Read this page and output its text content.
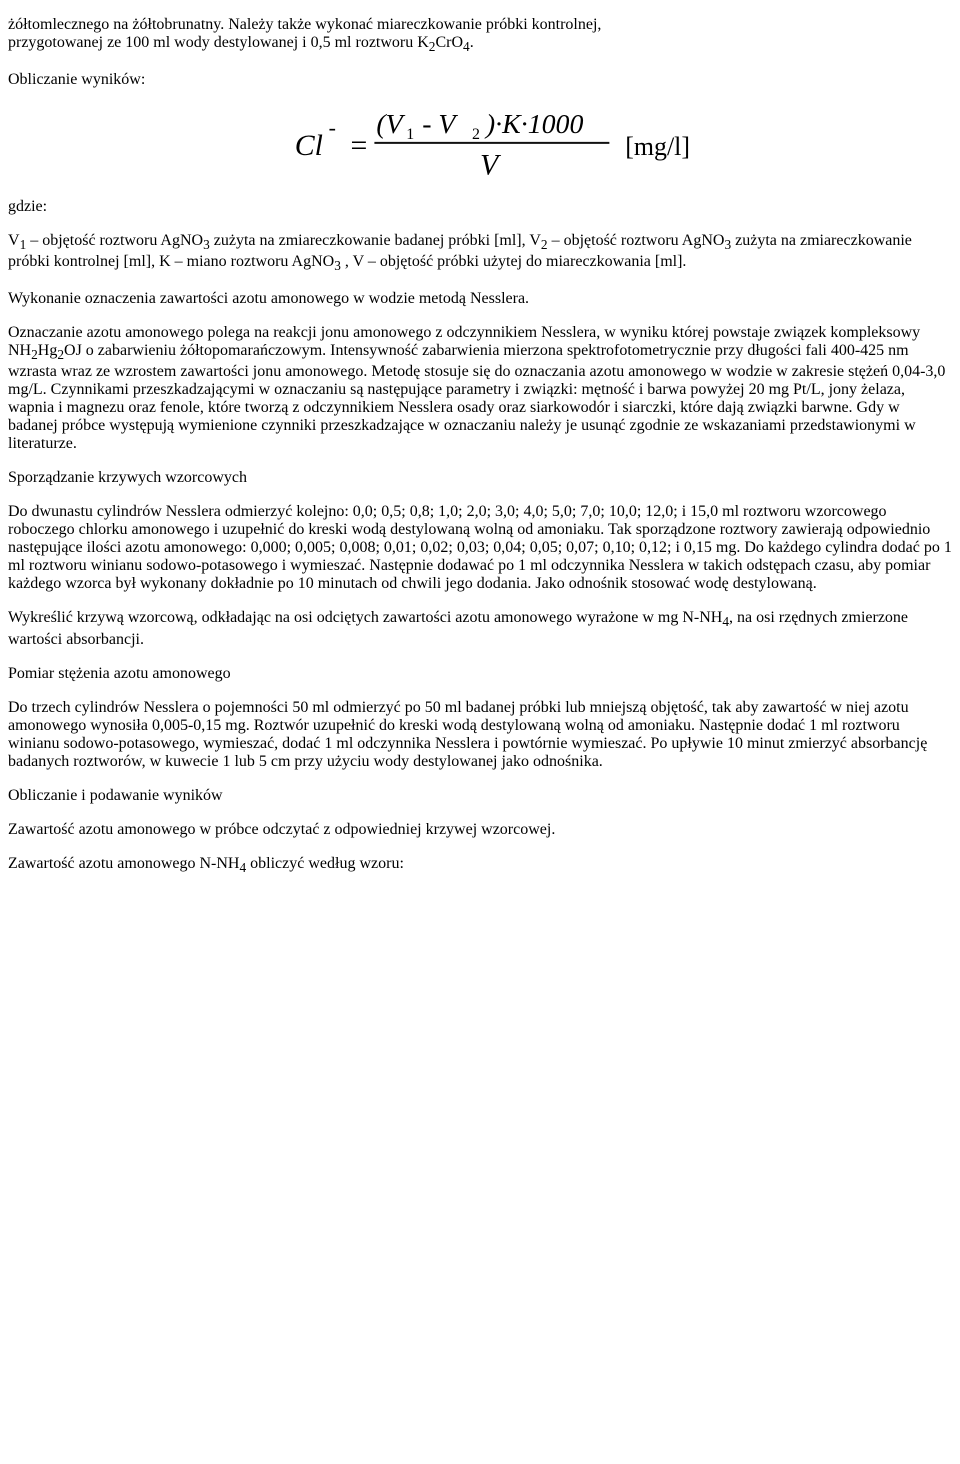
żółtomlecznego na żółtobrunatny. Należy także wykonać miareczkowanie próbki kontrolnej,
przygotowanej ze 100 ml wody destylowanej i 0,5 ml roztworu $K_2CrO_4$.

Obliczanie wyników:

Cl
-
=
(V 1 - V 2 )·K·1000
V
[mg/l]

gdzie:

$V_1$ – objętość roztworu AgNO$_3$ zużyta na zmiareczkowanie badanej próbki [ml], $V_2$ – objętość roztworu AgNO$_3$ zużyta na zmiareczkowanie próbki kontrolnej [ml], K – miano roztworu AgNO$_3$ , V – objętość próbki użytej do miareczkowania [ml].

Wykonanie oznaczenia zawartości azotu amonowego w wodzie metodą Nesslera.

Oznaczanie azotu amonowego polega na reakcji jonu amonowego z odczynnikiem Nesslera, w wyniku której powstaje związek kompleksowy $NH_2Hg_2OJ$ o zabarwieniu żółtopomarańczowym. Intensywność zabarwienia mierzona spektrofotometrycznie przy długości fali 400-425 nm wzrasta wraz ze wzrostem zawartości jonu amonowego. Metodę stosuje się do oznaczania azotu amonowego w wodzie w zakresie stężeń 0,04-3,0 mg/L. Czynnikami przeszkadzającymi w oznaczaniu są następujące parametry i związki: mętność i barwa powyżej 20 mg Pt/L, jony żelaza, wapnia i magnezu oraz fenole, które tworzą z odczynnikiem Nesslera osady oraz siarkowodór i siarczki, które dają związki barwne. Gdy w badanej próbce występują wymienione czynniki przeszkadzające w oznaczaniu należy je usunąć zgodnie ze wskazaniami przedstawionymi w literaturze.

Sporządzanie krzywych wzorcowych

Do dwunastu cylindrów Nesslera odmierzyć kolejno: 0,0; 0,5; 0,8; 1,0; 2,0; 3,0; 4,0; 5,0; 7,0; 10,0; 12,0; i 15,0 ml roztworu wzorcowego roboczego chlorku amonowego i uzupełnić do kreski wodą destylowaną wolną od amoniaku. Tak sporządzone roztwory zawierają odpowiednio następujące ilości azotu amonowego: 0,000; 0,005; 0,008; 0,01; 0,02; 0,03; 0,04; 0,05; 0,07; 0,10; 0,12; i 0,15 mg. Do każdego cylindra dodać po 1 ml roztworu winianu sodowo-potasowego i wymieszać. Następnie dodawać po 1 ml odczynnika Nesslera w takich odstępach czasu, aby pomiar każdego wzorca był wykonany dokładnie po 10 minutach od chwili jego dodania. Jako odnośnik stosować wodę destylowaną.

Wykreślić krzywą wzorcową, odkładając na osi odciętych zawartości azotu amonowego wyrażone w mg $N-NH_4$, na osi rzędnych zmierzone wartości absorbancji.

Pomiar stężenia azotu amonowego

Do trzech cylindrów Nesslera o pojemności 50 ml odmierzyć po 50 ml badanej próbki lub mniejszą objętość, tak aby zawartość w niej azotu amonowego wynosiła 0,005-0,15 mg. Roztwór uzupełnić do kreski wodą destylowaną wolną od amoniaku. Następnie dodać 1 ml roztworu winianu sodowo-potasowego, wymieszać, dodać 1 ml odczynnika Nesslera i powtórnie wymieszać. Po upływie 10 minut zmierzyć absorbancję badanych roztworów, w kuwecie 1 lub 5 cm przy użyciu wody destylowanej jako odnośnika.

Obliczanie i podawanie wyników

Zawartość azotu amonowego w próbce odczytać z odpowiedniej krzywej wzorcowej.

Zawartość azotu amonowego $N-NH_4$ obliczyć według wzoru:
